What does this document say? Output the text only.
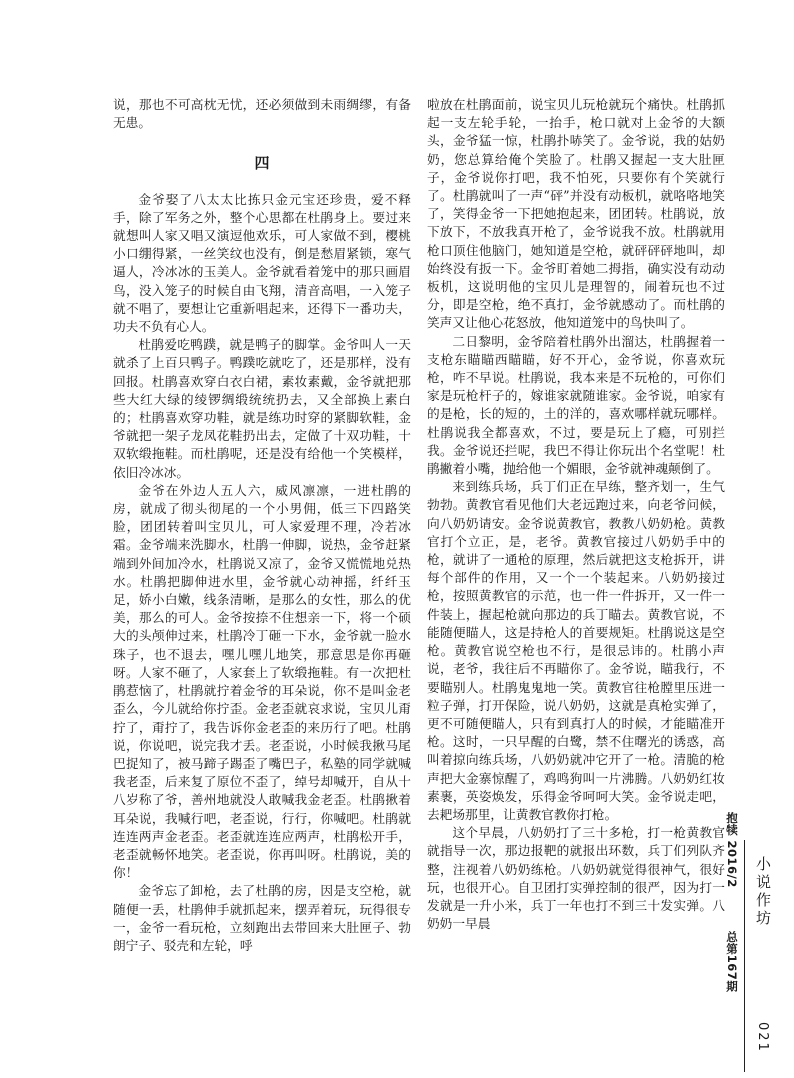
说，那也不可高枕无忧，还必须做到未雨绸缪，有备无患。

四

金爷娶了八太太比拣只金元宝还珍贵，爱不释手，除了军务之外，整个心思都在杜鹃身上。要过来就想叫人家又唱又演逗他欢乐，可人家做不到，樱桃小口绷得紧，一丝笑纹也没有，倒是愁眉紧锁，寒气逼人，冷冰冰的玉美人。金爷就看着笼中的那只画眉鸟，没入笼子的时候自由飞翔，清音高唱，一入笼子就不唱了，要想让它重新唱起来，还得下一番功夫，功夫不负有心人。

杜鹃爱吃鸭蹼，就是鸭子的脚掌。金爷叫人一天就杀了上百只鸭子。鸭蹼吃就吃了，还是那样，没有回报。杜鹃喜欢穿白衣白裙，素妆素戴，金爷就把那些大红大绿的绫锣绸缎统统扔去，又全部换上素白的；杜鹃喜欢穿功鞋，就是练功时穿的紧脚软鞋，金爷就把一架子龙凤花鞋扔出去，定做了十双功鞋，十双软缎拖鞋。而杜鹃呢，还是没有给他一个笑模样，依旧冷冰冰。

金爷在外边人五人六，威风凛凛，一进杜鹃的房，就成了彻头彻尾的一个小男佣，低三下四路笑脸，团团转着叫宝贝儿，可人家爱理不理，冷若冰霜。金爷端来洗脚水，杜鹃一伸脚，说热，金爷赶紧端到外间加冷水，杜鹃说又凉了，金爷又慌慌地兑热水。杜鹃把脚伸进水里，金爷就心动神摇，纤纤玉足，娇小白嫩，线条清晰，是那么的女性，那么的优美，那么的可人。金爷按捺不住想亲一下，将一个硕大的头颅伸过来，杜鹃冷丁砸一下水，金爷就一脸水珠子，也不退去，嘿儿嘿儿地笑，那意思是你再砸呀。人家不砸了，人家套上了软缎拖鞋。有一次把杜鹃惹恼了，杜鹃就拧着金爷的耳朵说，你不是叫金老歪么，今儿就给你拧歪。金老歪就哀求说，宝贝儿甭拧了，甭拧了，我告诉你金老歪的来历行了吧。杜鹃说，你说吧，说完我才丢。老歪说，小时候我揪马尾巴捉知了，被马蹄子踢歪了嘴巴子，私塾的同学就喊我老歪，后来复了原位不歪了，绰号却喊开，自从十八岁称了爷，善州地就没人敢喊我金老歪。杜鹃揪着耳朵说，我喊行吧，老歪说，行行，你喊吧。杜鹃就连连两声金老歪。老歪就连连应两声，杜鹃松开手，老歪就畅怀地笑。老歪说，你再叫呀。杜鹃说，美的你！

金爷忘了卸枪，去了杜鹃的房，因是支空枪，就随便一丢，杜鹃伸手就抓起来，摆弄着玩，玩得很专一，金爷一看玩枪，立刻跑出去带回来大肚匣子、勃朗宁子、驳壳和左轮，呼

啦放在杜鹃面前，说宝贝儿玩枪就玩个痛快。杜鹃抓起一支左轮手轮，一抬手，枪口就对上金爷的大额头，金爷猛一惊，杜鹃扑哧笑了。金爷说，我的姑奶奶，您总算给俺个笑脸了。杜鹃又握起一支大肚匣子，金爷说你打吧，我不怕死，只要你有个笑就行了。杜鹃就叫了一声“砰”并没有动板机，就咯咯地笑了，笑得金爷一下把她抱起来，团团转。杜鹃说，放下放下，不放我真开枪了，金爷说我不放。杜鹃就用枪口顶住他脑门，她知道是空枪，就砰砰砰地叫，却始终没有扳一下。金爷盯着她二拇指，确实没有动动板机，这说明他的宝贝儿是理智的，闹着玩也不过分，即是空枪，绝不真打，金爷就感动了。而杜鹃的笑声又让他心花怒放，他知道笼中的鸟快叫了。

二日黎明，金爷陪着杜鹃外出溜达，杜鹃握着一支枪东瞄瞄西瞄瞄，好不开心，金爷说，你喜欢玩枪，咋不早说。杜鹃说，我本来是不玩枪的，可你们家是玩枪杆子的，嫁谁家就随谁家。金爷说，咱家有的是枪，长的短的，土的洋的，喜欢哪样就玩哪样。杜鹃说我全都喜欢，不过，要是玩上了瘾，可别拦我。金爷说还拦呢，我巴不得让你玩出个名堂呢！杜鹃撇着小嘴，抛给他一个媚眼，金爷就神魂颠倒了。

来到练兵场，兵丁们正在早练，整齐划一，生气勃勃。黄教官看见他们大老远跑过来，向老爷问候，向八奶奶请安。金爷说黄教官，教教八奶奶枪。黄教官打个立正，是，老爷。黄教官接过八奶奶手中的枪，就讲了一通枪的原理，然后就把这支枪拆开，讲每个部件的作用，又一个一个装起来。八奶奶接过枪，按照黄教官的示范，也一件一件拆开，又一件一件装上，握起枪就向那边的兵丁瞄去。黄教官说，不能随便瞄人，这是持枪人的首要规矩。杜鹃说这是空枪。黄教官说空枪也不行，是很忌讳的。杜鹃小声说，老爷，我往后不再瞄你了。金爷说，瞄我行，不要瞄别人。杜鹃鬼鬼地一笑。黄教官往枪膛里压进一粒子弹，打开保险，说八奶奶，这就是真枪实弹了，更不可随便瞄人，只有到真打人的时候，才能瞄准开枪。这时，一只早醒的白鹭，禁不住曙光的诱惑，高叫着掠向练兵场，八奶奶就冲它开了一枪。清脆的枪声把大金寨惊醒了，鸡鸣狗叫一片沸腾。八奶奶红妆素裹，英姿焕发，乐得金爷呵呵大笑。金爷说走吧，去耙场那里，让黄教官教你打枪。

这个早晨，八奶奶打了三十多枪，打一枪黄教官就指导一次，那边报靶的就报出环数，兵丁们列队齐整，注视着八奶奶练枪。八奶奶就觉得很神气，很好玩，也很开心。自卫团打实弹控制的很严，因为打一发就是一升小米，兵丁一年也打不到三十发实弹。八奶奶一早晨

抱犊 2016/2  总第167期
小说作坊
021
